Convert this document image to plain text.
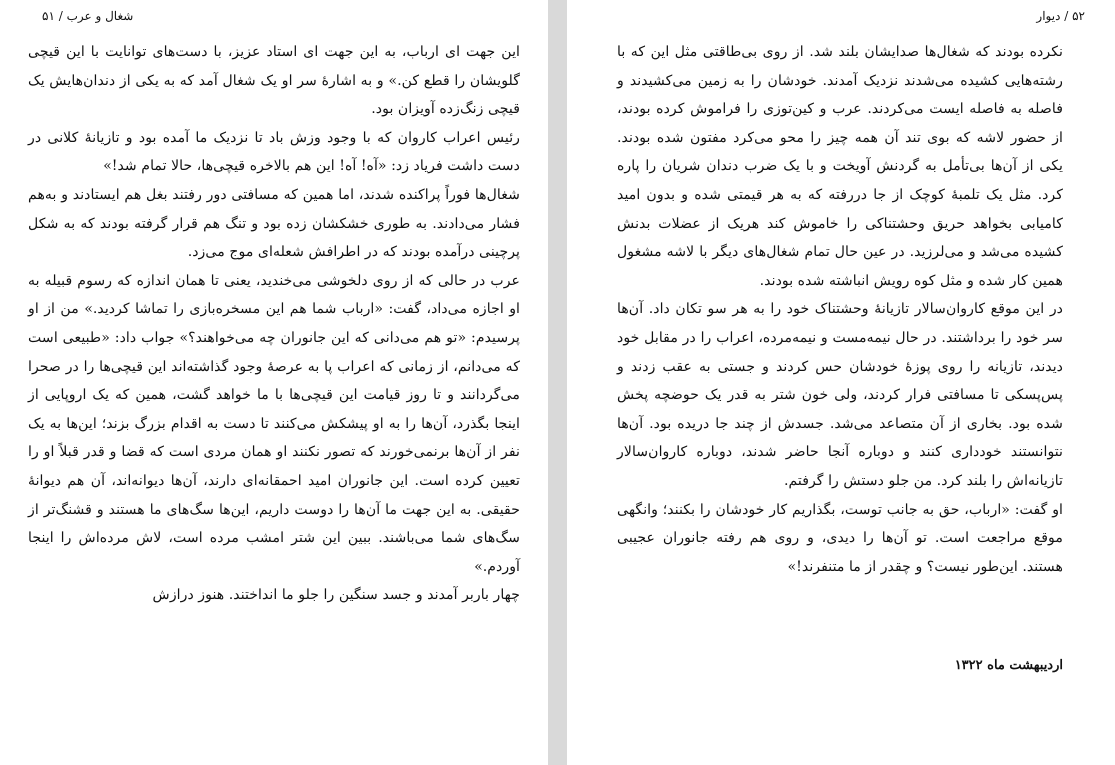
شغال و عرب / ۵۱

این جهت ای ارباب، به این جهت ای استاد عزیز، با دست‌های توانایت با این قیچی گلویشان را قطع کن.» و به اشارهٔ سر او یک شغال آمد که به یکی از دندان‌هایش یک قیچی زنگ‌زده آویزان بود.

رئیس اعراب کاروان که با وجود وزش باد تا نزدیک ما آمده بود و تازیانهٔ کلانی در دست داشت فریاد زد: «آه! آه! این هم بالاخره قیچی‌ها، حالا تمام شد!»

شغال‌ها فوراً پراکنده شدند، اما همین که مسافتی دور رفتند بغل هم ایستادند و به‌هم فشار می‌دادند. به طوری خشکشان زده بود و تنگ هم قرار گرفته بودند که به شکل پرچینی درآمده بودند که در اطرافش شعله‌ای موج می‌زد.

عرب در حالی که از روی دلخوشی می‌خندید، یعنی تا همان اندازه که رسوم قبیله به او اجازه می‌داد، گفت: «ارباب شما هم این مسخره‌بازی را تماشا کردید.» من از او پرسیدم: «تو هم می‌دانی که این جانوران چه می‌خواهند؟» جواب داد: «طبیعی است که می‌دانم، از زمانی که اعراب پا به عرصهٔ وجود گذاشته‌اند این قیچی‌ها را در صحرا می‌گردانند و تا روز قیامت این قیچی‌ها با ما خواهد گشت، همین که یک اروپایی از اینجا بگذرد، آن‌ها را به او پیشکش می‌کنند تا دست به اقدام بزرگ بزند؛ این‌ها به یک نفر از آن‌ها برنمی‌خورند که تصور نکنند او همان مردی است که قضا و قدر قبلاً او را تعیین کرده است. این جانوران امید احمقانه‌ای دارند، آن‌ها دیوانه‌اند، آن هم دیوانهٔ حقیقی. به این جهت ما آن‌ها را دوست داریم، این‌ها سگ‌های ما هستند و قشنگ‌تر از سگ‌های شما می‌باشند. ببین این شتر امشب مرده است، لاش مرده‌اش را اینجا آوردم.»

چهار باربر آمدند و جسد سنگین را جلو ما انداختند. هنوز درازش

۵۲ / دیوار

نکرده بودند که شغال‌ها صدایشان بلند شد. از روی بی‌طاقتی مثل این که با رشته‌هایی کشیده می‌شدند نزدیک آمدند. خودشان را به زمین می‌کشیدند و فاصله به فاصله ایست می‌کردند. عرب و کین‌توزی را فراموش کرده بودند، از حضور لاشه که بوی تند آن همه چیز را محو می‌کرد مفتون شده بودند. یکی از آن‌ها بی‌تأمل به گردنش آویخت و با یک ضرب دندان شریان را پاره کرد. مثل یک تلمبهٔ کوچک از جا دررفته که به هر قیمتی شده و بدون امید کامیابی بخواهد حریق وحشتناکی را خاموش کند هریک از عضلات بدنش کشیده می‌شد و می‌لرزید. در عین حال تمام شغال‌های دیگر با لاشه مشغول همین کار شده و مثل کوه رویش انباشته شده بودند.

در این موقع کاروان‌سالار تازیانهٔ وحشتناک خود را به هر سو تکان داد. آن‌ها سر خود را برداشتند. در حال نیمه‌مست و نیمه‌مرده، اعراب را در مقابل خود دیدند، تازیانه را روی پوزهٔ خودشان حس کردند و جستی به عقب زدند و پس‌پسکی تا مسافتی فرار کردند، ولی خون شتر به قدر یک حوضچه پخش شده بود. بخاری از آن متصاعد می‌شد. جسدش از چند جا دریده بود. آن‌ها نتوانستند خودداری کنند و دوباره آنجا حاضر شدند، دوباره کاروان‌سالار تازیانه‌اش را بلند کرد. من جلو دستش را گرفتم.

او گفت: «ارباب، حق به جانب توست، بگذاریم کار خودشان را بکنند؛ وانگهی موقع مراجعت است. تو آن‌ها را دیدی، و روی هم رفته جانوران عجیبی هستند. این‌طور نیست؟ و چقدر از ما متنفرند!»

اردیبهشت ماه ۱۳۲۲
